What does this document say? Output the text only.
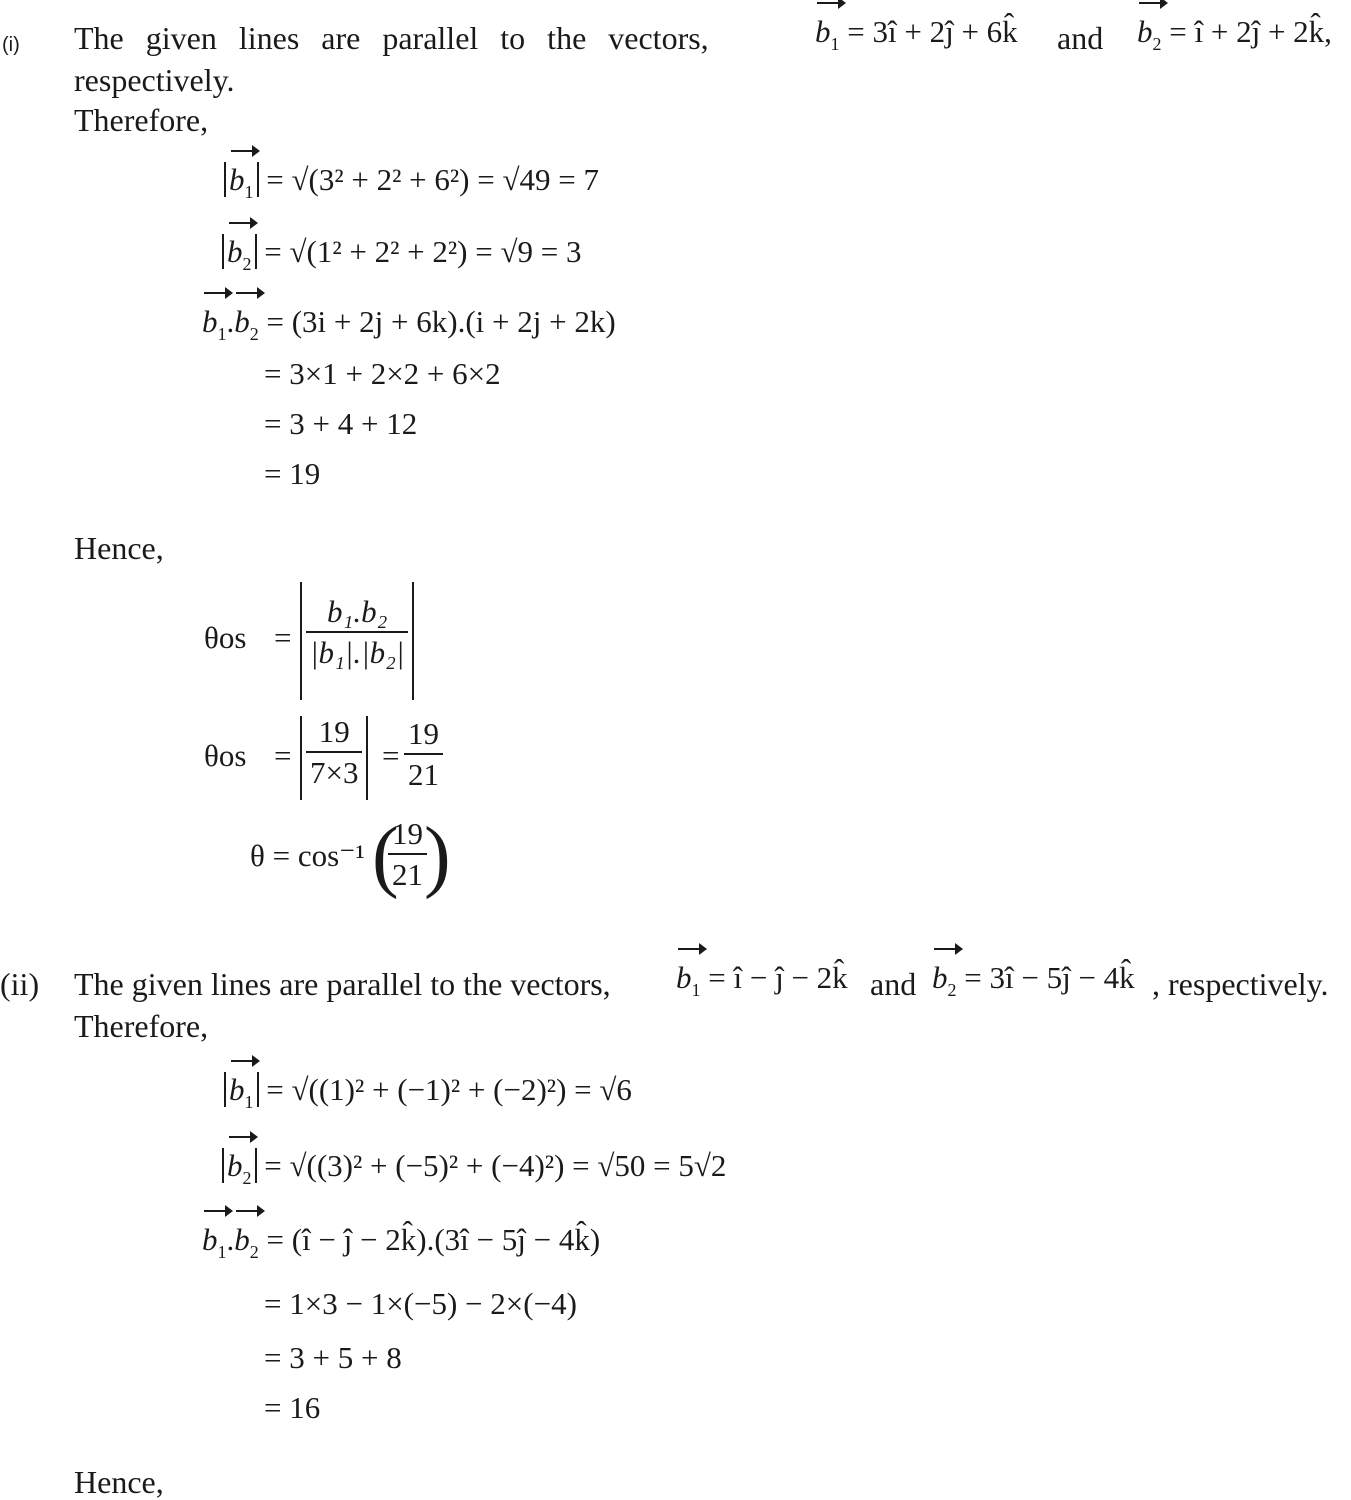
(i) The given lines are parallel to the vectors,	$b_1$ = 3î + 2ĵ + 6k̂ and $b_2$ = î + 2ĵ + 2k̂,
respectively.
Therefore,
$b_1 = √(3^2 + 2^2 + 6^2) = √49 = 7$
$b_2 = √(1^2 + 2^2 + 2^2) = √9 = 3$
$b_1.b_2 = (3i + 2j + 6k).(i + 2j + 2k)$
= 3×1 + 2×2 + 6×2
= 3 + 4 + 12
= 19
Hence,
$\theta os = \frac{\text{b₁.b₂}}{\text{|b₁|.|b₂|}}$
$\theta os = \frac{19}{7\times 3} = \frac{19}{21}$
θ = cos⁻¹ (
$\frac{19}{21}$
)
(ii) The given lines are parallel to the vectors, $b_1$ = î − ĵ − 2k̂ and $b_2$ = 3î − 5ĵ − 4k̂ , respectively.
Therefore,
$b_1 = √((1)^2 + (-1)^2 + (-2)^2) = √6$
$b_2 = √((3)^2 + (-5)^2 + (-4)^2) = √50 = 5√2$
$b_1.b_2$ = (î − ĵ − 2k̂).(3î − 5ĵ − 4k̂)
= 1×3 − 1×(−5) − 2×(−4)
= 3 + 5 + 8
= 16
Hence,
